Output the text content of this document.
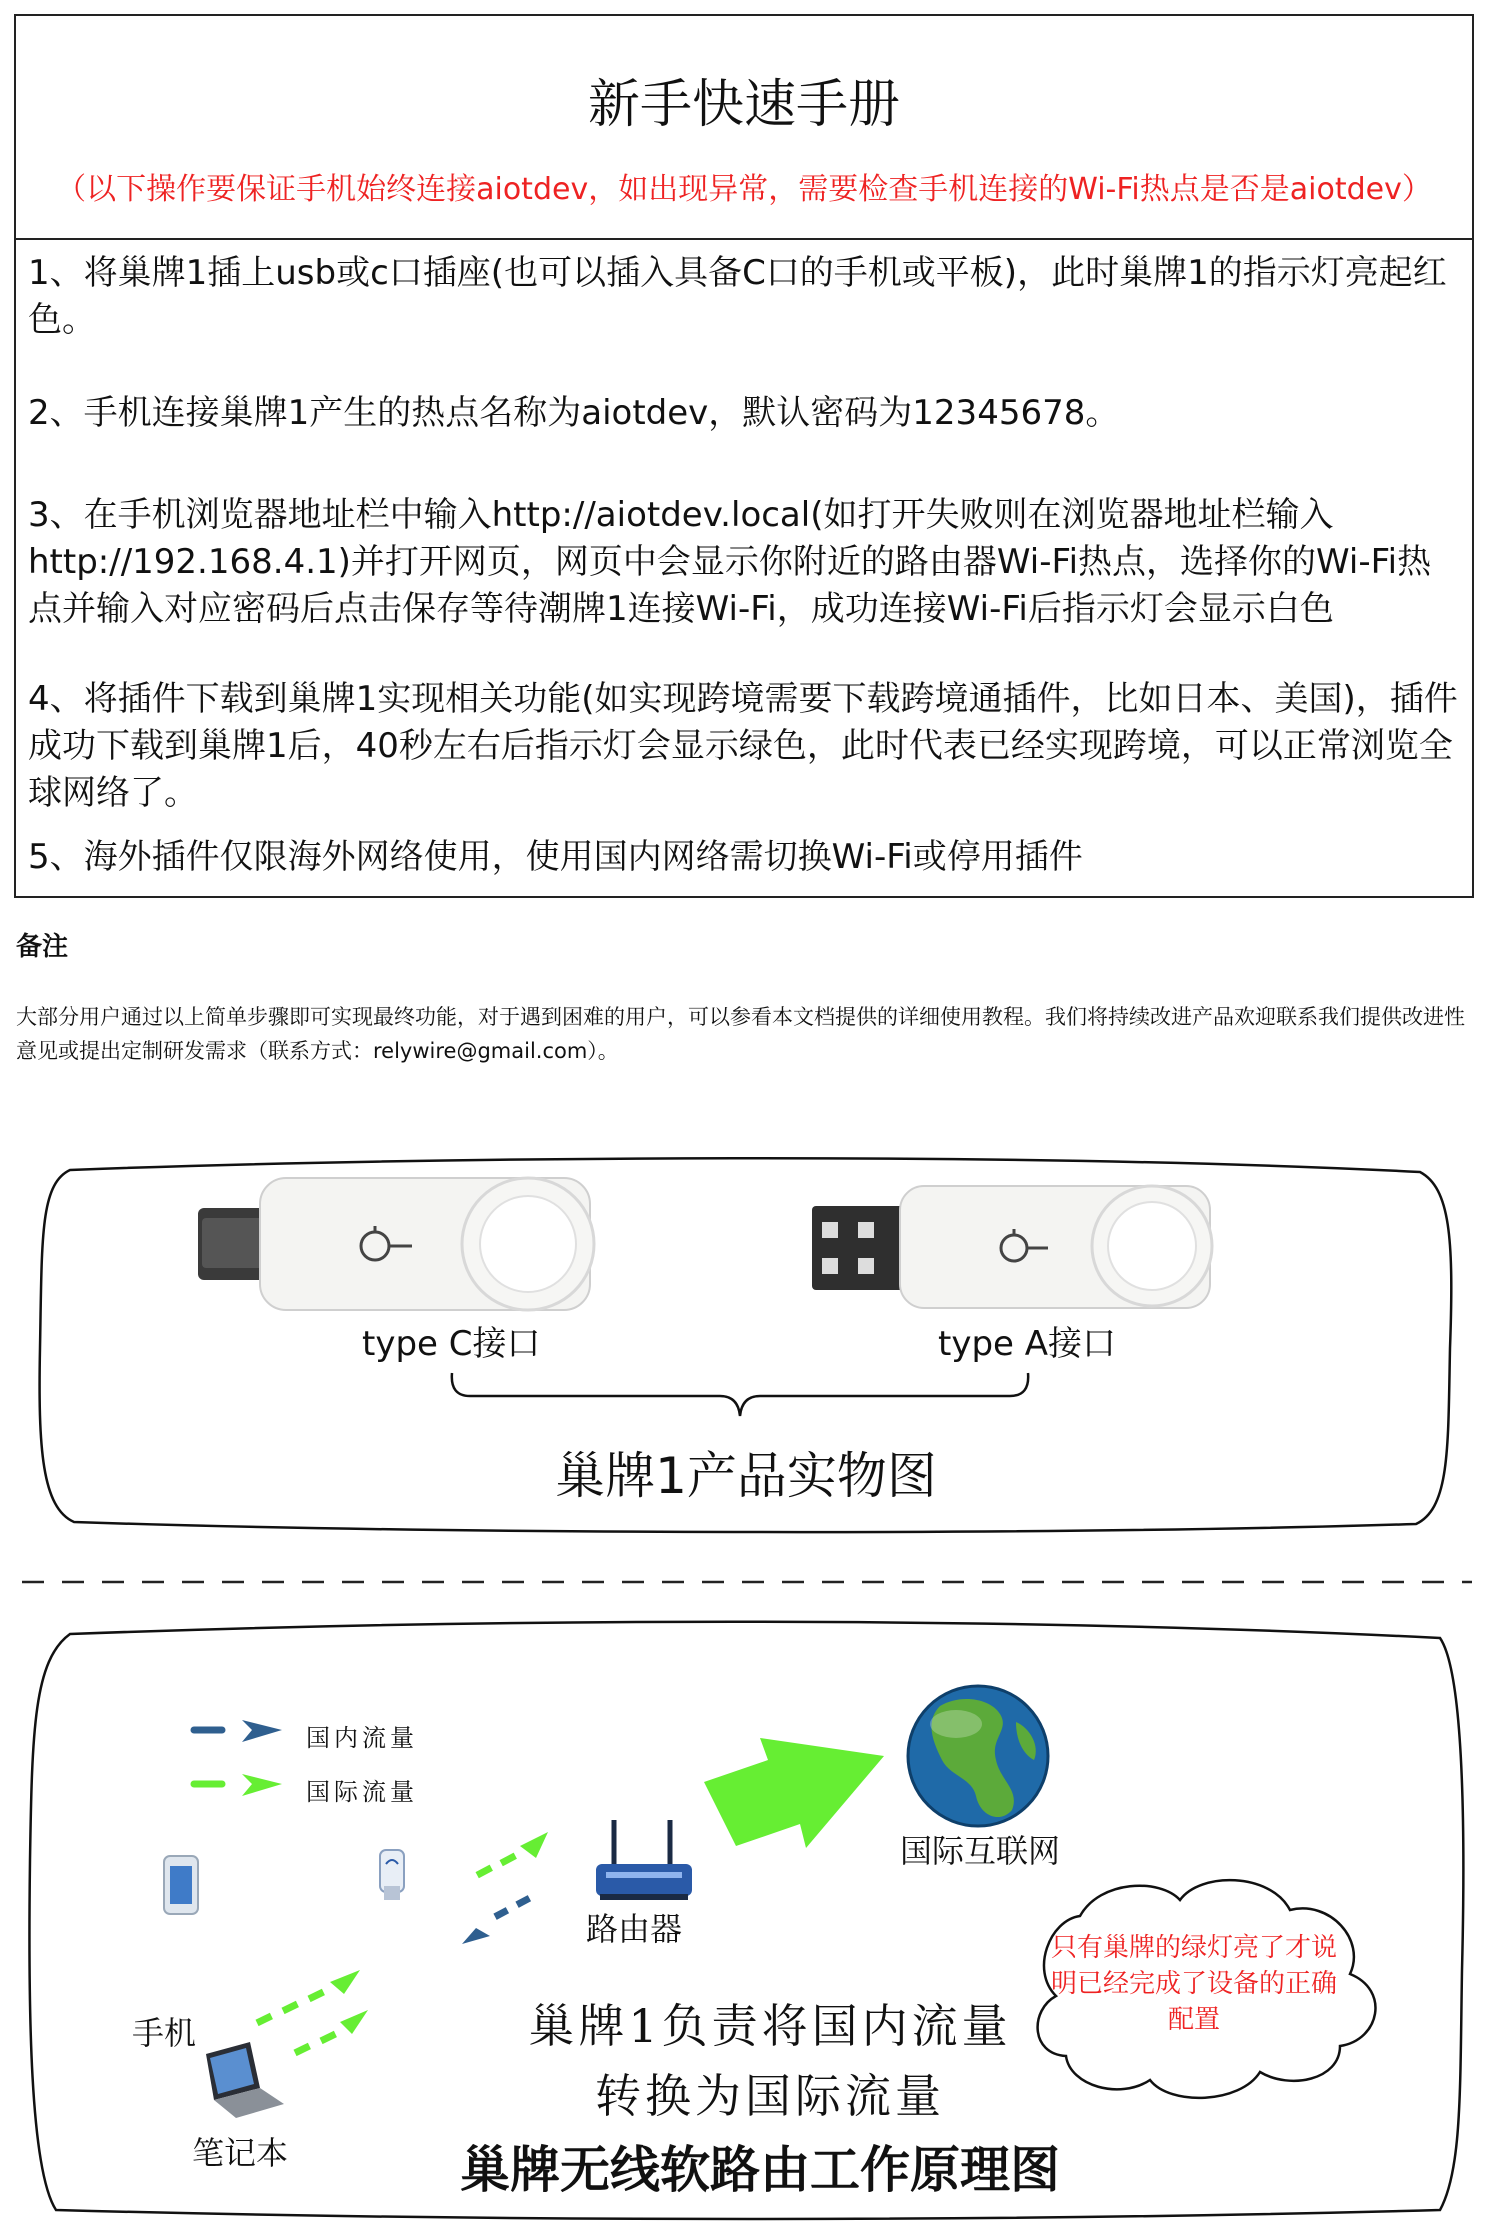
新手快速手册
（以下操作要保证手机始终连接aiotdev，如出现异常，需要检查手机连接的Wi-Fi热点是否是aiotdev）
1、将巢牌1插上usb或c口插座(也可以插入具备C口的手机或平板)，此时巢牌1的指示灯亮起红色。
2、手机连接巢牌1产生的热点名称为aiotdev，默认密码为12345678。
3、在手机浏览器地址栏中输入http://aiotdev.local(如打开失败则在浏览器地址栏输入http://192.168.4.1)并打开网页，网页中会显示你附近的路由器Wi-Fi热点，选择你的Wi-Fi热点并输入对应密码后点击保存等待潮牌1连接Wi-Fi，成功连接Wi-Fi后指示灯会显示白色
4、将插件下载到巢牌1实现相关功能(如实现跨境需要下载跨境通插件，比如日本、美国)，插件成功下载到巢牌1后，40秒左右后指示灯会显示绿色，此时代表已经实现跨境，可以正常浏览全球网络了。
5、海外插件仅限海外网络使用，使用国内网络需切换Wi-Fi或停用插件
备注
大部分用户通过以上简单步骤即可实现最终功能，对于遇到困难的用户，可以参看本文档提供的详细使用教程。我们将持续改进产品欢迎联系我们提供改进性意见或提出定制研发需求（联系方式：relywire@gmail.com）。
type C接口	type A接口
巢牌1产品实物图
国内流量
国际流量
国际互联网
路由器
手机
笔记本
只有巢牌的绿灯亮了才说明已经完成了设备的正确配置
巢牌1负责将国内流量
转换为国际流量
巢牌无线软路由工作原理图
